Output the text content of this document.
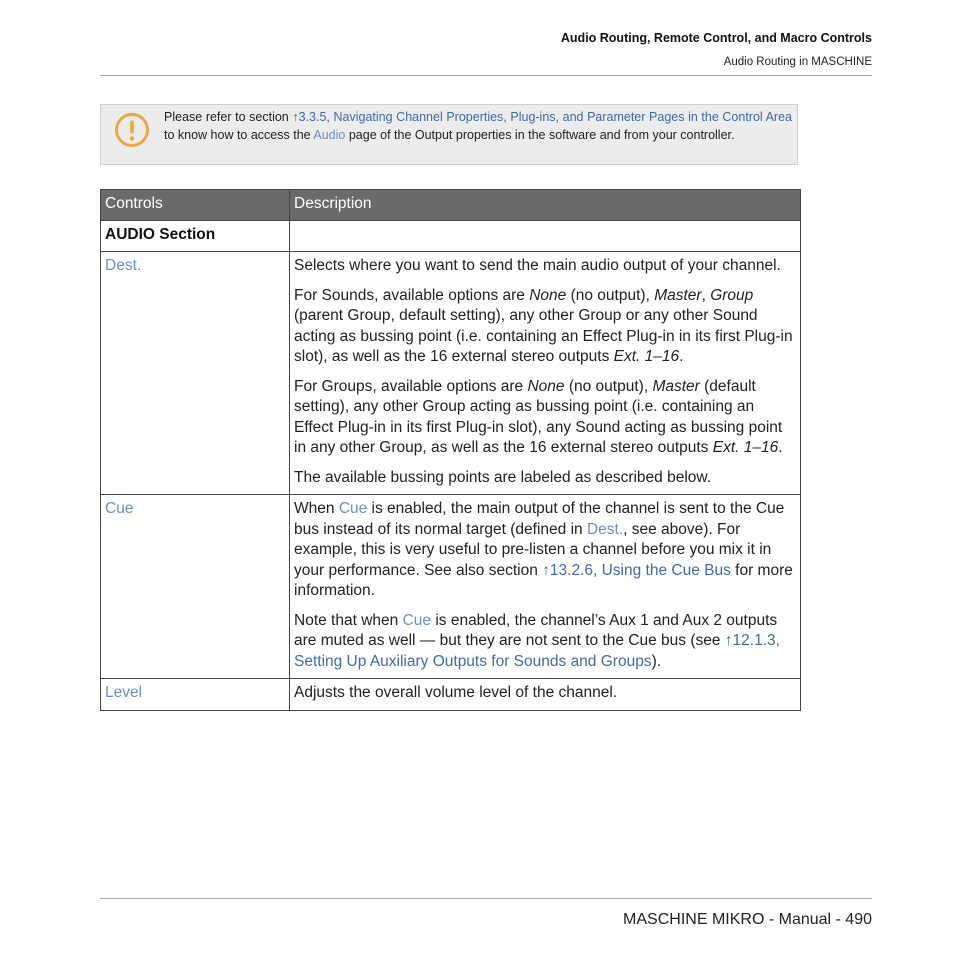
Audio Routing, Remote Control, and Macro Controls
Audio Routing in MASCHINE
Please refer to section ↑3.3.5, Navigating Channel Properties, Plug-ins, and Parameter Pages in the Control Area to know how to access the Audio page of the Output properties in the software and from your controller.
Controls	Description
AUDIO Section	
Dest.	Selects where you want to send the main audio output of your channel.

For Sounds, available options are None (no output), Master, Group (parent Group, default setting), any other Group or any other Sound acting as bussing point (i.e. containing an Effect Plug-in in its first Plug-in slot), as well as the 16 external stereo outputs Ext. 1–16.

For Groups, available options are None (no output), Master (default setting), any other Group acting as bussing point (i.e. containing an Effect Plug-in in its first Plug-in slot), any Sound acting as bussing point in any other Group, as well as the 16 external stereo outputs Ext. 1–16.

The available bussing points are labeled as described below.

Cue	When Cue is enabled, the main output of the channel is sent to the Cue bus instead of its normal target (defined in Dest., see above). For example, this is very useful to pre-listen a channel before you mix it in your performance. See also section ↑13.2.6, Using the Cue Bus for more information.

Note that when Cue is enabled, the channel’s Aux 1 and Aux 2 outputs are muted as well — but they are not sent to the Cue bus (see ↑12.1.3, Setting Up Auxiliary Outputs for Sounds and Groups).

Level	Adjusts the overall volume level of the channel.

MASCHINE MIKRO - Manual - 490
